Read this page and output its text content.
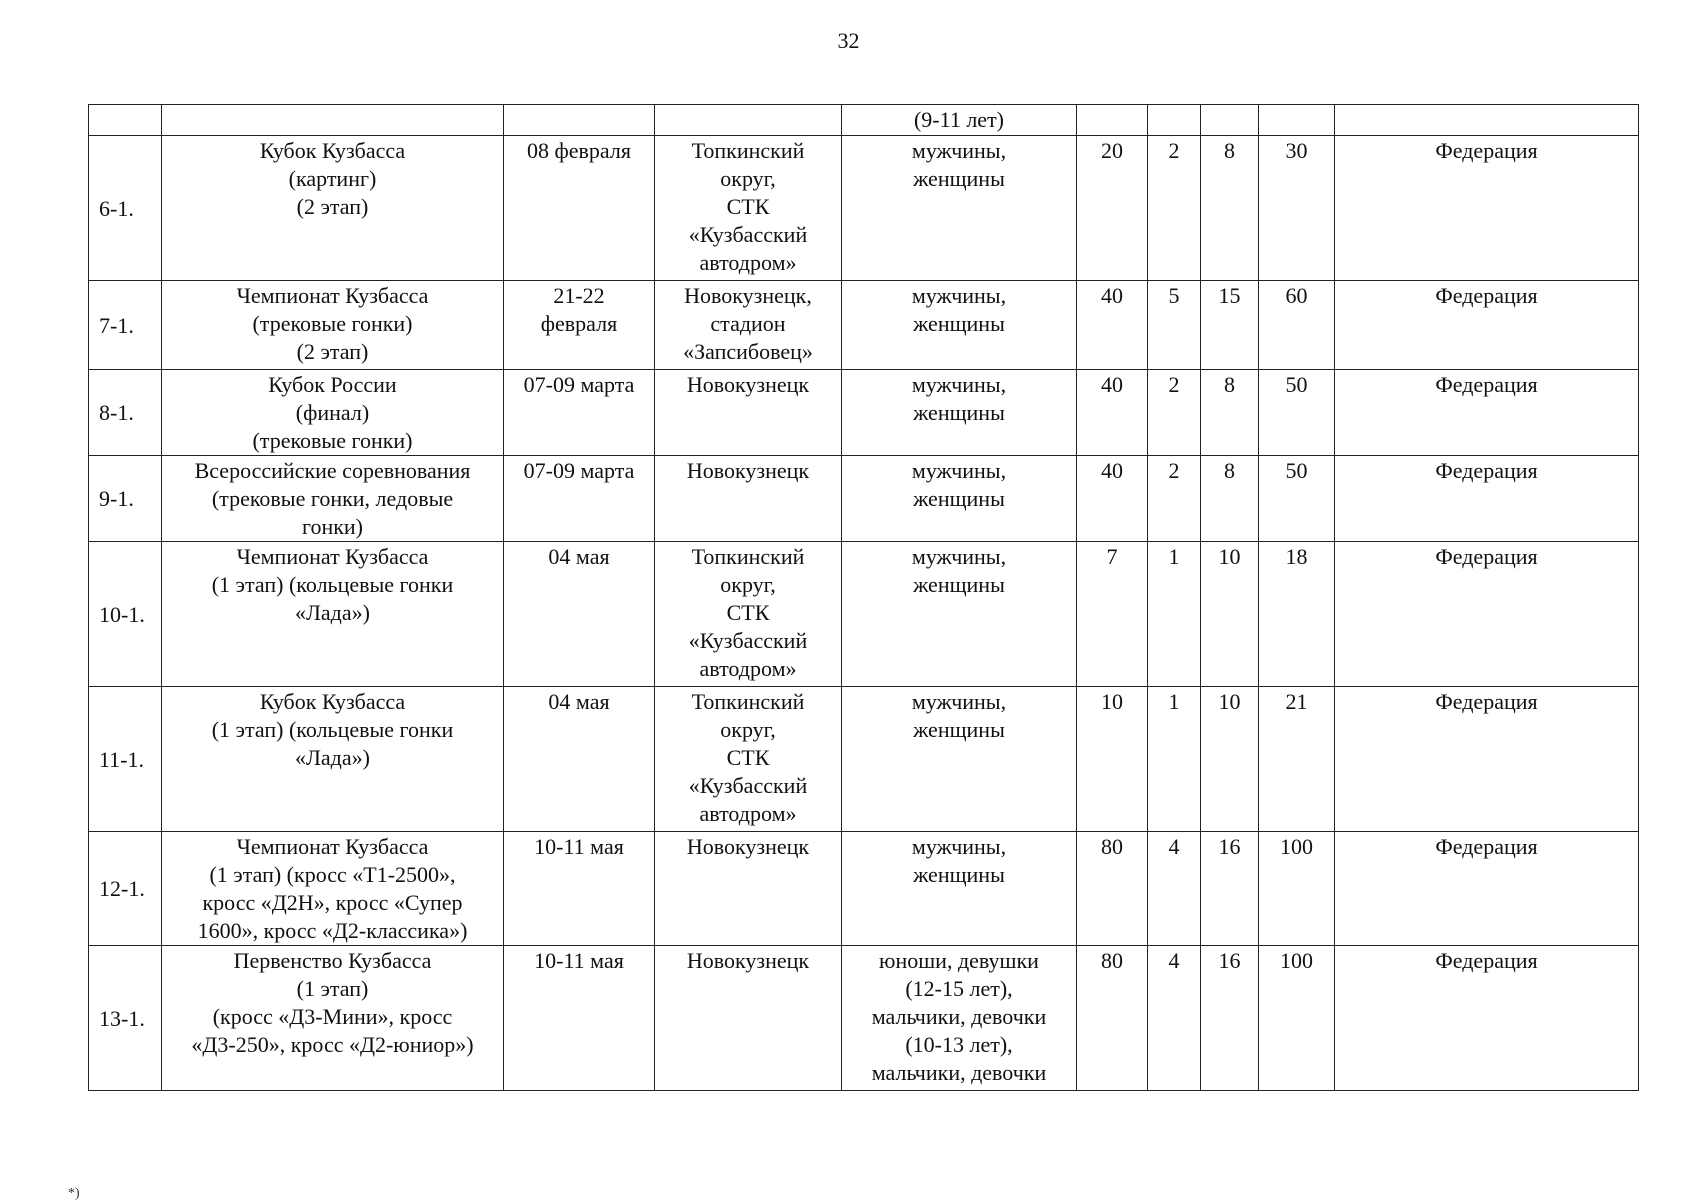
32

				(9-11 лет)					

6-1.	Кубок Кузбасса
(картинг)
(2 этап)	08 февраля	Топкинский
округ,
СТК
«Кузбасский
автодром»	мужчины,
женщины	20	2	8	30	Федерация
7-1.	Чемпионат Кузбасса
(трековые гонки)
(2 этап)	21-22
февраля	Новокузнецк,
стадион
«Запсибовец»	мужчины,
женщины	40	5	15	60	Федерация
8-1.	Кубок России
(финал)
(трековые гонки)	07-09 марта	Новокузнецк	мужчины,
женщины	40	2	8	50	Федерация
9-1.	Всероссийские соревнования
(трековые гонки, ледовые
гонки)	07-09 марта	Новокузнецк	мужчины,
женщины	40	2	8	50	Федерация
10-1.	Чемпионат Кузбасса
(1 этап) (кольцевые гонки
«Лада»)	04 мая	Топкинский
округ,
СТК
«Кузбасский
автодром»	мужчины,
женщины	7	1	10	18	Федерация
11-1.	Кубок Кузбасса
(1 этап) (кольцевые гонки
«Лада»)	04 мая	Топкинский
округ,
СТК
«Кузбасский
автодром»	мужчины,
женщины	10	1	10	21	Федерация
12-1.	Чемпионат Кузбасса
(1 этап) (кросс «Т1-2500»,
кросс «Д2Н», кросс «Супер
1600», кросс «Д2-классика»)	10-11 мая	Новокузнецк	мужчины,
женщины	80	4	16	100	Федерация
13-1.	Первенство Кузбасса
(1 этап)
(кросс «Д3-Мини», кросс
«Д3-250», кросс «Д2-юниор»)	10-11 мая	Новокузнецк	юноши, девушки
(12-15 лет),
мальчики, девочки
(10-13 лет),
мальчики, девочки	80	4	16	100	Федерация
*)
